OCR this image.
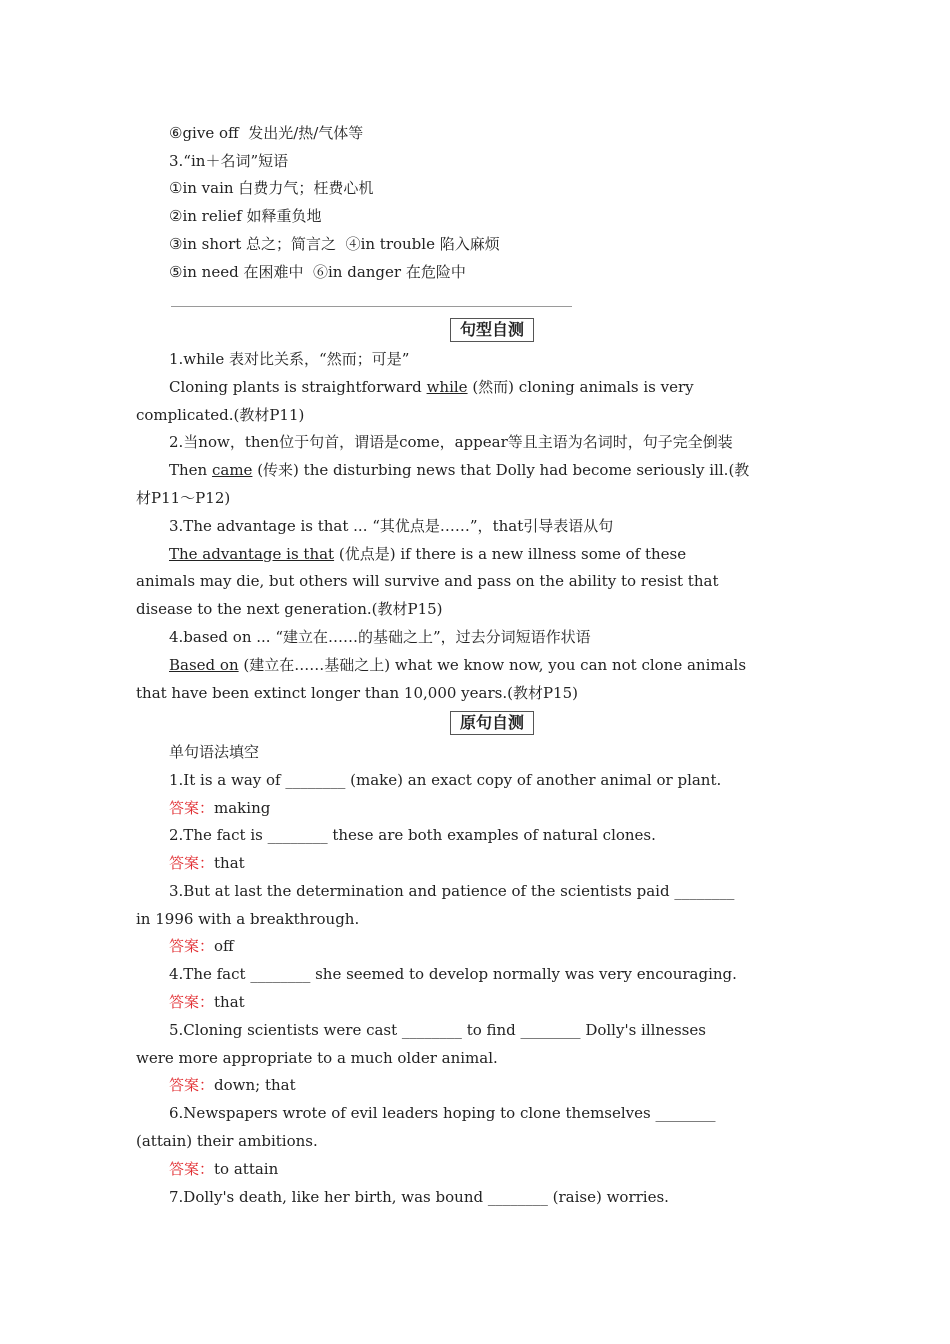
⑥give off  发出光/热/气体等
3.“in＋名词”短语
①in vain 白费力气；枉费心机
②in relief 如释重负地
③in short 总之；简言之  ④in trouble 陷入麻烦
⑤in need 在困难中  ⑥in danger 在危险中
句型自测
1.while 表对比关系，“然而；可是”
Cloning plants is straightforward while (然而) cloning animals is very
complicated.(教材P11)
2.当now，then位于句首，谓语是come，appear等且主语为名词时，句子完全倒装
Then came (传来) the disturbing news that Dolly had become seriously ill.(教
材P11～P12)
3.The advantage is that ... “其优点是……”，that引导表语从句
The advantage is that (优点是) if there is a new illness some of these
animals may die, but others will survive and pass on the ability to resist that
disease to the next generation.(教材P15)
4.based on ... “建立在……的基础之上”，过去分词短语作状语
Based on (建立在……基础之上) what we know now, you can not clone animals
that have been extinct longer than 10,000 years.(教材P15)
原句自测
单句语法填空
1.It is a way of ________ (make) an exact copy of another animal or plant.
答案：making
2.The fact is ________ these are both examples of natural clones.
答案：that
3.But at last the determination and patience of the scientists paid ________
in 1996 with a breakthrough.
答案：off
4.The fact ________ she seemed to develop normally was very encouraging.
答案：that
5.Cloning scientists were cast ________ to find ________ Dolly's illnesses
were more appropriate to a much older animal.
答案：down; that
6.Newspapers wrote of evil leaders hoping to clone themselves ________
(attain) their ambitions.
答案：to attain
7.Dolly's death, like her birth, was bound ________ (raise) worries.
